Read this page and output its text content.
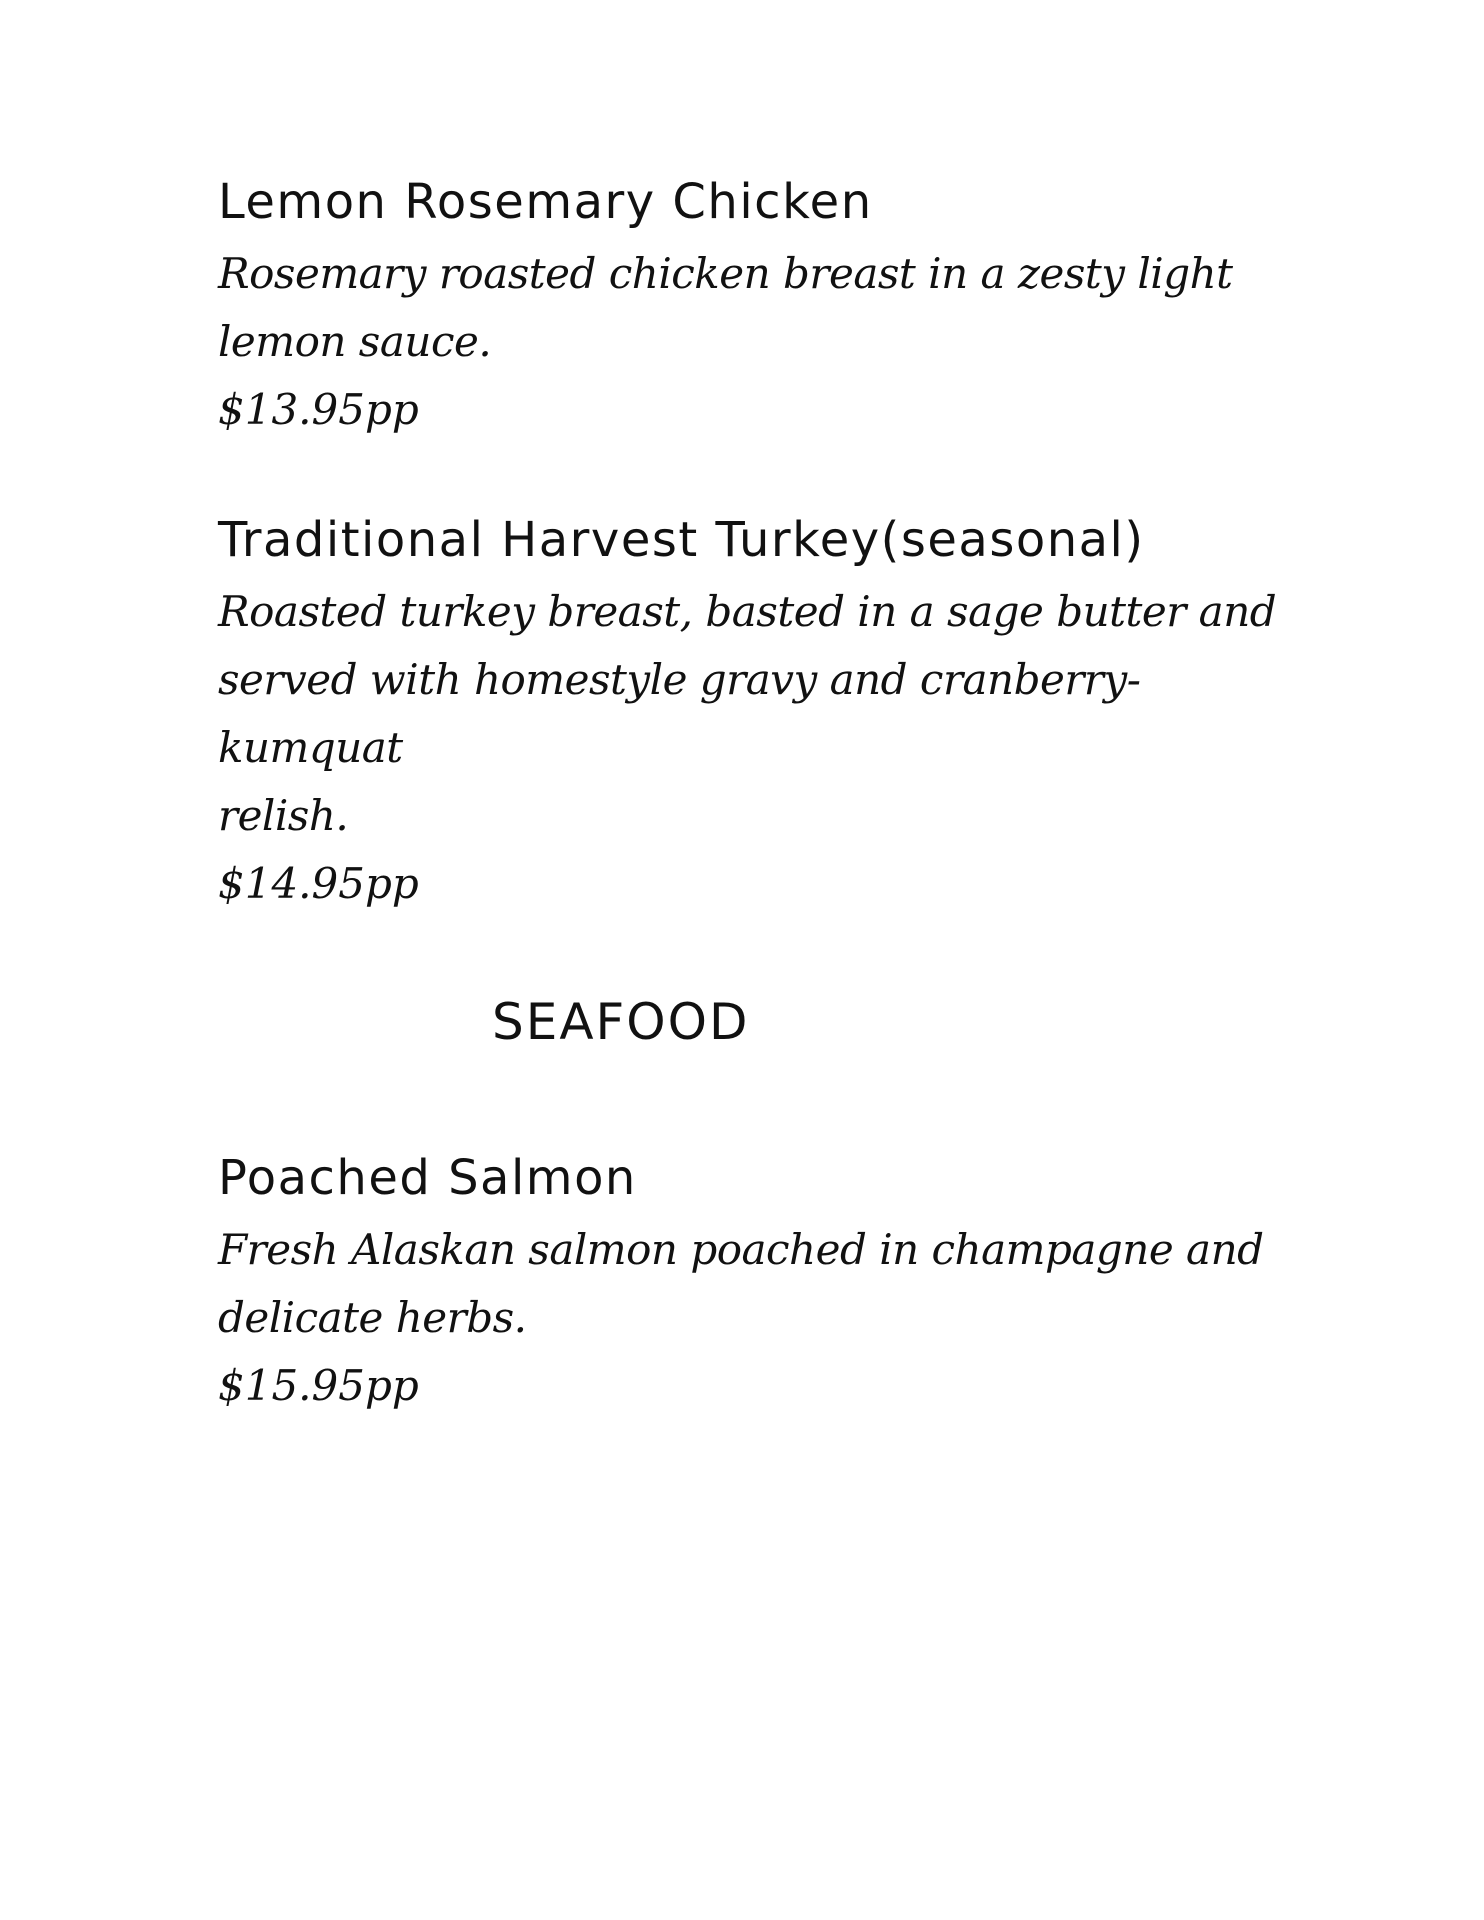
Lemon Rosemary Chicken

Rosemary roasted chicken breast in a zesty light
lemon sauce.

$13.95pp

Traditional Harvest Turkey(seasonal)

Roasted turkey breast, basted in a sage butter and
served with homestyle gravy and cranberry-kumquat
relish.

$14.95pp

SEAFOOD
Poached Salmon

Fresh Alaskan salmon poached in champagne and
delicate herbs.

$15.95pp
